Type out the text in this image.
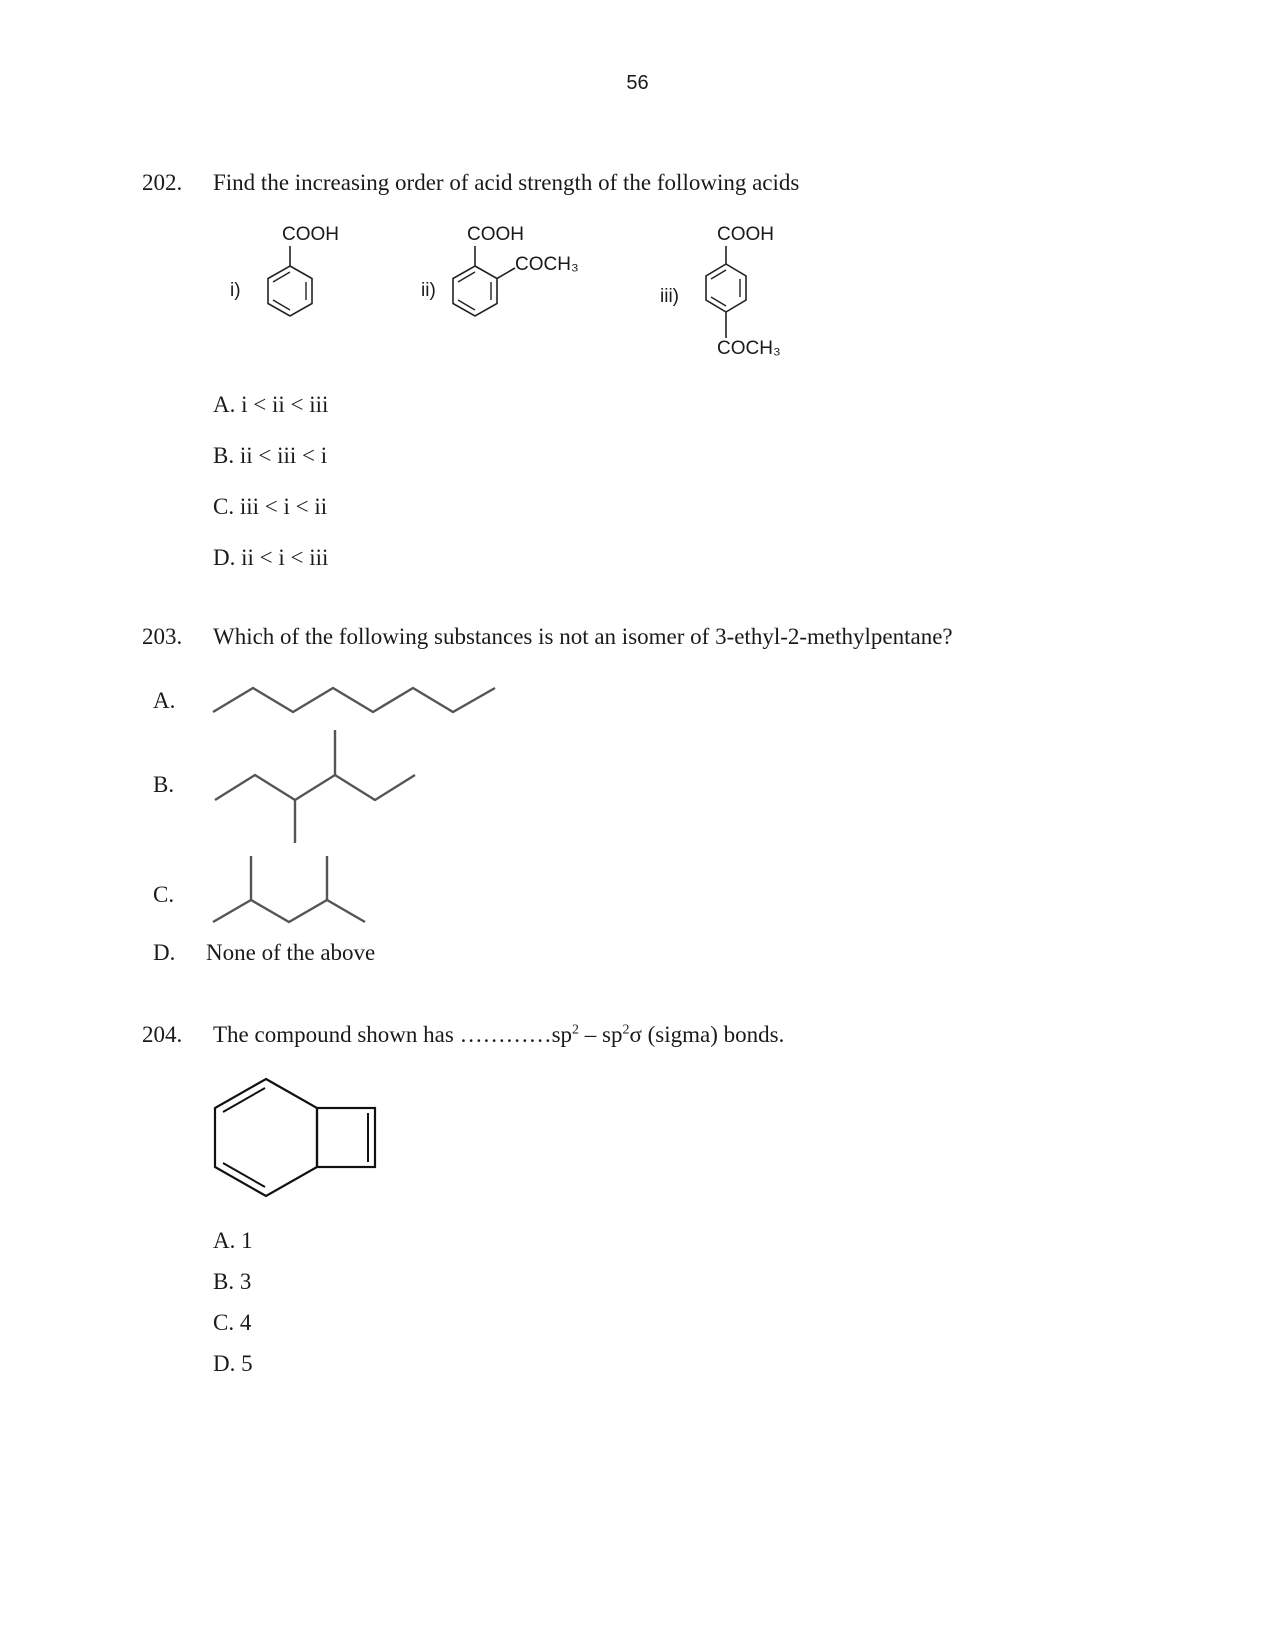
56
202. Find the increasing order of acid strength of the following acids
i)
COOH
ii)
COOH
COCH₃
iii)
COOH
COCH₃
A. i < ii < iii
B. ii < iii < i
C. iii < i < ii
D. ii < i < iii
203. Which of the following substances is not an isomer of 3-ethyl-2-methylpentane?
A.
B.
C.
D. None of the above
204. The compound shown has $\dots\dots\dots\dots sp^2 - sp^2\sigma$ (sigma) bonds.
A. 1
B. 3
C. 4
D. 5
